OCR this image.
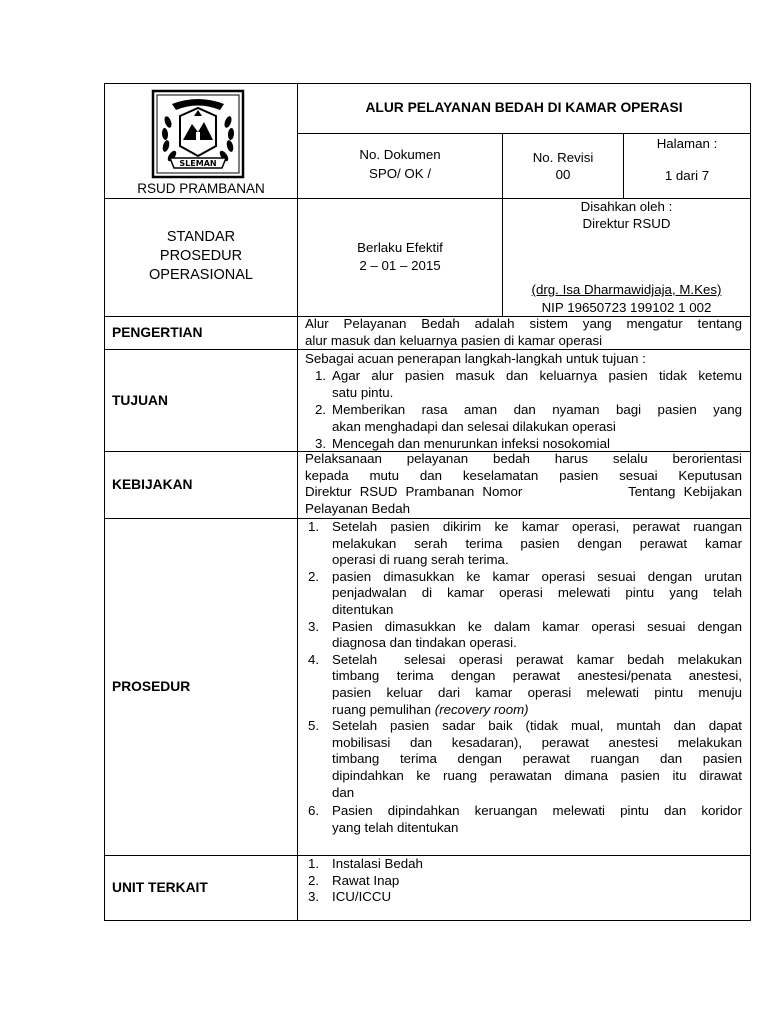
SLEMAN
RSUD PRAMBANAN
ALUR PELAYANAN BEDAH DI KAMAR OPERASI
No. Dokumen
SPO/ OK /
No. Revisi
00
Halaman :
1 dari 7
STANDAR
PROSEDUR
OPERASIONAL
Berlaku Efektif
2 – 01 – 2015
Disahkan oleh :
Direktur RSUD
(drg. Isa Dharmawidjaja, M.Kes)
NIP 19650723 199102 1 002
PENGERTIAN
TUJUAN
KEBIJAKAN
PROSEDUR
UNIT TERKAIT
Alur Pelayanan Bedah adalah sistem yang mengatur tentang
alur masuk dan keluarnya pasien di kamar operasi
Sebagai acuan penerapan langkah-langkah untuk tujuan :
1. Agar alur pasien masuk dan keluarnya pasien tidak ketemu
satu pintu.
2. Memberikan rasa aman dan nyaman bagi pasien yang
akan menghadapi dan selesai dilakukan operasi
3. Mencegah dan menurunkan infeksi nosokomial
Pelaksanaan pelayanan bedah harus selalu berorientasi
kepada mutu dan keselamatan pasien sesuai Keputusan
Direktur RSUD Prambanan Nomor             Tentang Kebijakan
Pelayanan Bedah
1. Setelah pasien dikirim ke kamar operasi, perawat ruangan
melakukan serah terima pasien dengan perawat kamar
operasi di ruang serah terima.
2. pasien dimasukkan ke kamar operasi sesuai dengan urutan
penjadwalan di kamar operasi melewati pintu yang telah
ditentukan
3. Pasien dimasukkan ke dalam kamar operasi sesuai dengan
diagnosa dan tindakan operasi.
4. Setelah  selesai operasi perawat kamar bedah melakukan
timbang terima dengan perawat anestesi/penata anestesi,
pasien keluar dari kamar operasi melewati pintu menuju
ruang pemulihan (recovery room)
5. Setelah pasien sadar baik (tidak mual, muntah dan dapat
mobilisasi dan kesadaran), perawat anestesi melakukan
timbang terima dengan perawat ruangan dan pasien
dipindahkan ke ruang perawatan dimana pasien itu dirawat
dan
6. Pasien dipindahkan keruangan melewati pintu dan koridor
yang telah ditentukan
1. Instalasi Bedah
2. Rawat Inap
3. ICU/ICCU
